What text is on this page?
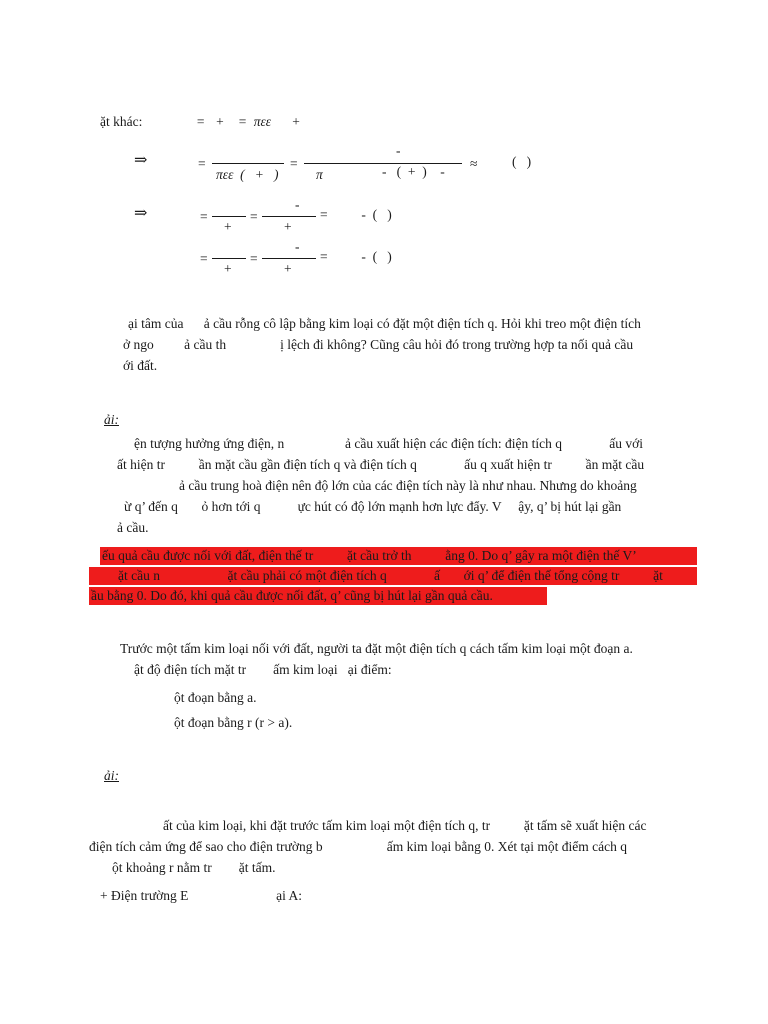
ặt khác:	=   +    =  πεε      +
⇒	=
πεε  (   +   )
=
-
π	-   (  +  )    -
≈	(   )
⇒	=
+
=
-
+
=          -  (   )
=
+
=
-
+
=          -  (   )
ại tâm của      ả cầu rỗng cô lập bằng kim loại có đặt một điện tích q. Hỏi khi treo một điện tích
ở ngo         ả cầu th                ị lệch đi không? Cũng câu hỏi đó trong trường hợp ta nối quả cầu
ới đất.
ải:
ện tượng hưởng ứng điện, n                  ả cầu xuất hiện các điện tích: điện tích q              ấu với
ất hiện tr          ần mặt cầu gần điện tích q và điện tích q              ấu q xuất hiện tr          ần mặt cầu
ả cầu trung hoà điện nên độ lớn của các điện tích này là như nhau. Nhưng do khoảng
ừ q’ đến q       ỏ hơn tới q           ực hút có độ lớn mạnh hơn lực đẩy. V     ậy, q’ bị hút lại gần
ả cầu.
ếu quả cầu được nối với đất, điện thế tr          ặt cầu trở th          ằng 0. Do q’ gây ra một điện thế V’
ặt cầu n                    ặt cầu phải có một điện tích q              ấ       ới q’ để điện thế tổng cộng tr          ặt
ầu bằng 0. Do đó, khi quả cầu được nối đất, q’ cũng bị hút lại gần quả cầu.
Trước một tấm kim loại nối với đất, người ta đặt một điện tích q cách tấm kim loại một đoạn a.
ật độ điện tích mặt tr        ấm kim loại   ại điểm:
ột đoạn bằng a.
ột đoạn bằng r (r > a).
ải:
ất của kim loại, khi đặt trước tấm kim loại một điện tích q, tr          ặt tấm sẽ xuất hiện các
điện tích cảm ứng để sao cho điện trường b                   ấm kim loại bằng 0. Xét tại một điểm cách q
ột khoảng r nằm tr        ặt tấm.
+ Điện trường E                          ại A:
